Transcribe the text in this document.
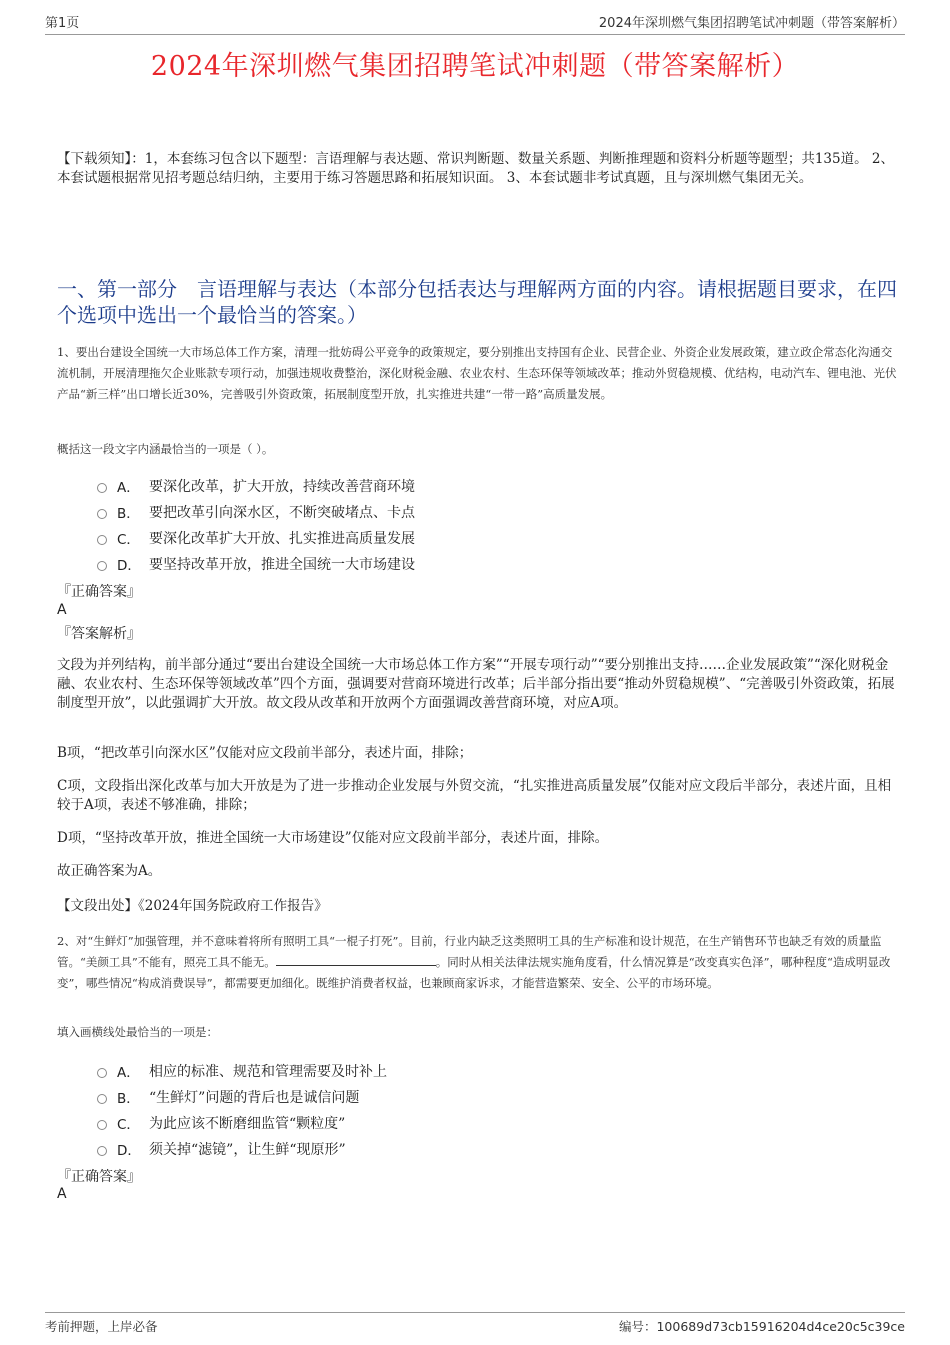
第1页	2024年深圳燃气集团招聘笔试冲刺题（带答案解析）
2024年深圳燃气集团招聘笔试冲刺题（带答案解析）
【下载须知】：1，本套练习包含以下题型：言语理解与表达题、常识判断题、数量关系题、判断推理题和资料分析题等题型；共135道。 2、本套试题根据常见招考题总结归纳，主要用于练习答题思路和拓展知识面。 3、本套试题非考试真题，且与深圳燃气集团无关。
一、第一部分　言语理解与表达（本部分包括表达与理解两方面的内容。请根据题目要求，在四个选项中选出一个最恰当的答案。）
1、要出台建设全国统一大市场总体工作方案，清理一批妨碍公平竞争的政策规定，要分别推出支持国有企业、民营企业、外资企业发展政策，建立政企常态化沟通交流机制，开展清理拖欠企业账款专项行动，加强违规收费整治，深化财税金融、农业农村、生态环保等领域改革；推动外贸稳规模、优结构，电动汽车、锂电池、光伏产品“新三样”出口增长近30%，完善吸引外资政策，拓展制度型开放，扎实推进共建“一带一路”高质量发展。
概括这一段文字内涵最恰当的一项是（ ）。
A． 要深化改革，扩大开放，持续改善营商环境
B． 要把改革引向深水区，不断突破堵点、卡点
C． 要深化改革扩大开放、扎实推进高质量发展
D． 要坚持改革开放，推进全国统一大市场建设
『正确答案』
A
『答案解析』
文段为并列结构，前半部分通过“要出台建设全国统一大市场总体工作方案”“开展专项行动”“要分别推出支持……企业发展政策”“深化财税金融、农业农村、生态环保等领域改革”四个方面，强调要对营商环境进行改革；后半部分指出要“推动外贸稳规模”、“完善吸引外资政策，拓展制度型开放”，以此强调扩大开放。故文段从改革和开放两个方面强调改善营商环境，对应A项。
B项，“把改革引向深水区”仅能对应文段前半部分，表述片面，排除；
C项，文段指出深化改革与加大开放是为了进一步推动企业发展与外贸交流，“扎实推进高质量发展”仅能对应文段后半部分，表述片面，且相较于A项，表述不够准确，排除；
D项，“坚持改革开放，推进全国统一大市场建设”仅能对应文段前半部分，表述片面，排除。
故正确答案为A。
【文段出处】《2024年国务院政府工作报告》
2、对“生鲜灯”加强管理，并不意味着将所有照明工具“一棍子打死”。目前，行业内缺乏这类照明工具的生产标准和设计规范，在生产销售环节也缺乏有效的质量监管。“美颜工具”不能有，照亮工具不能无。	。同时从相关法律法规实施角度看，什么情况算是“改变真实色泽”，哪种程度“造成明显改变”，哪些情况“构成消费误导”，都需要更加细化。既维护消费者权益，也兼顾商家诉求，才能营造繁荣、安全、公平的市场环境。
填入画横线处最恰当的一项是：
A． 相应的标准、规范和管理需要及时补上
B． “生鲜灯”问题的背后也是诚信问题
C． 为此应该不断磨细监管“颗粒度”
D． 须关掉“滤镜”，让生鲜“现原形”
『正确答案』
A
考前押题，上岸必备	编号：100689d73cb15916204d4ce20c5c39ce
